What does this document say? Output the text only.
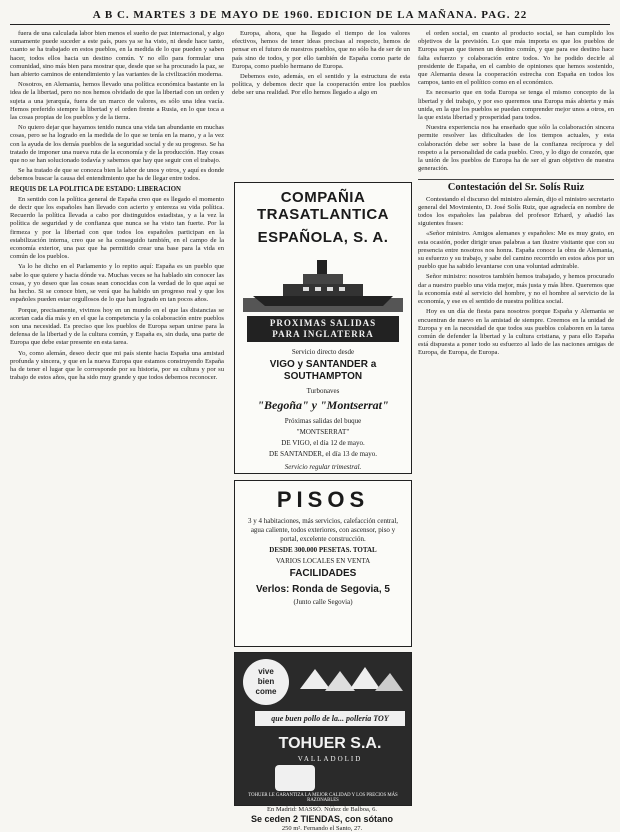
A B C. MARTES 3 DE MAYO DE 1960. EDICION DE LA MAÑANA. PAG. 22

fuera de una calculada labor bien menos el sueño de paz internacional, y algo sumamente puede suceder a este país, pues ya se ha visto, ni desde hace tanto, cuanto se ha trabajado en estos pueblos, en la medida de lo que pueden y saben hacer, todos ellos hacia un destino común. Y no ello para formular una comunidad, sino más bien para mostrar que, desde que se ha procurado la paz, se han abierto caminos de entendimiento y las variantes de la civilización moderna.

Nosotros, en Alemania, hemos llevado una política económica bastante en la idea de la libertad, pero no nos hemos olvidado de que la libertad con un orden y sujeta a una jerarquía, fuera de un marco de valores, es sólo una idea vacía. Hemos preferido siempre la libertad y el orden frente a Rusia, en lo que toca a las cosas propias de los pueblos y de la tierra.

No quiero dejar que hayamos tenido nunca una vida tan abundante en muchas cosas, pero se ha logrado en la medida de lo que se tenía en la mano, y a la vez con la ayuda de los demás pueblos de la seguridad social y de su progreso. Se ha tratado de imponer una nueva ruta de la economía y de la producción. Hay cosas que no se han solucionado todavía y sabemos que hay que seguir con el trabajo.

Se ha tratado de que se conozca bien la labor de unos y otros, y aquí es donde debemos buscar la causa del entendimiento que ha de llegar entre todos.

REQUIS DE LA POLITICA DE ESTADO: LIBERACION

En sentido con la política general de España creo que es llegado el momento de decir que los españoles han llevado con acierto y entereza su vida política. Recuerdo la política llevada a cabo por distinguidos estadistas, y a la vez la política de seguridad y de confianza que nunca se ha visto tan fuerte. Por la firmeza y por la libertad con que todos los españoles participan en la estabilización interna, creo que se ha conseguido también, en el campo de la economía exterior, una paz que ha permitido crear una base para la vida en común de los pueblos.

Ya lo he dicho en el Parlamento y lo repito aquí: España es un pueblo que sabe lo que quiere y hacia dónde va. Muchas veces se ha hablado sin conocer las cosas, y yo deseo que las cosas sean conocidas con la verdad de lo que aquí se ha hecho. Si se conoce bien, se verá que ha habido un progreso real y que los españoles pueden estar orgullosos de lo que han logrado en tan pocos años.

Porque, precisamente, vivimos hoy en un mundo en el que las distancias se acortan cada día más y en el que la competencia y la colaboración entre pueblos son una necesidad. Es preciso que los pueblos de Europa sepan unirse para la defensa de la libertad y de la cultura común, y España es, sin duda, una parte de Europa que debe estar presente en esta tarea.

Yo, como alemán, deseo decir que mi país siente hacia España una amistad profunda y sincera, y que en la nueva Europa que estamos construyendo España ha de tener el lugar que le corresponde por su historia, por su cultura y por su trabajo de estos años, que ha sido muy grande y que todos debemos reconocer.

Europa, ahora, que ha llegado el tiempo de los valores efectivos, hemos de tener ideas precisas al respecto, hemos de pensar en el futuro de nuestros pueblos, que no sólo ha de ser de un país sino de todos, y por ello también de España como parte de Europa, como pueblo hermano de Europa.

Debemos esto, además, en el sentido y la estructura de esta política, y debemos decir que la cooperación entre los pueblos debe ser una realidad. Por ello hemos llegado a algo en

COMPAÑIA TRASATLANTICA
ESPAÑOLA, S. A.
PROXIMAS SALIDAS
PARA INGLATERRA
Servicio directo desde
VIGO y SANTANDER a
SOUTHAMPTON
Turbonaves
"Begoña" y "Montserrat"
Próximas salidas del buque
"MONTSERRAT"
DE VIGO, el día 12 de mayo.
DE SANTANDER, el día 13 de mayo.
Servicio regular trimestral.
PISOS
3 y 4 habitaciones, más servicios, calefacción central, agua caliente, todos exteriores, con ascensor, piso y portal, excelente construcción.
DESDE 300.000 PESETAS. TOTAL
VARIOS LOCALES EN VENTA
FACILIDADES
Verlos: Ronda de Segovia, 5
(Junto calle Segovia)
vive
bien
come
que buen pollo de la... pollería TOY
TOHUER S.A.
VALLADOLID
TOHUER LE GARANTIZA LA MEJOR CALIDAD Y LOS PRECIOS MÁS RAZONABLES
En Madrid: MASSÓ. Núñez de Balboa, 6.
Se ceden 2 TIENDAS, con sótano
250 m². Fernando el Santo, 27.

el orden social, en cuanto al producto social, se han cumplido los objetivos de la previsión. Lo que más importa es que los pueblos de Europa sepan que tienen un destino común, y que para ese destino hace falta esfuerzo y colaboración entre todos. Yo he podido decirle al presidente de España, en el cambio de opiniones que hemos sostenido, que Alemania desea la cooperación estrecha con España en todos los campos, tanto en el político como en el económico.

Es necesario que en toda Europa se tenga el mismo concepto de la libertad y del trabajo, y por eso queremos una Europa más abierta y más unida, en la que los pueblos se puedan comprender mejor unos a otros, en la que exista libertad y prosperidad para todos.

Nuestra experiencia nos ha enseñado que sólo la colaboración sincera permite resolver las dificultades de los tiempos actuales, y esta colaboración debe ser sobre la base de la confianza recíproca y del respeto a la personalidad de cada pueblo. Creo, y lo digo de corazón, que la unión de los pueblos de Europa ha de ser el gran objetivo de nuestra generación.

Contestación del Sr. Solís Ruiz

Contestando el discurso del ministro alemán, dijo el ministro secretario general del Movimiento, D. José Solís Ruiz, que agradecía en nombre de todos los españoles las palabras del profesor Erhard, y añadió las siguientes frases:

«Señor ministro. Amigos alemanes y españoles: Me es muy grato, en esta ocasión, poder dirigir unas palabras a tan ilustre visitante que con su presencia entre nosotros nos honra. España conoce la obra de Alemania, su esfuerzo y su trabajo, y sabe del camino recorrido en estos años por un pueblo que ha sabido levantarse con una voluntad admirable.

Señor ministro: nosotros también hemos trabajado, y hemos procurado dar a nuestro pueblo una vida mejor, más justa y más libre. Queremos que la economía esté al servicio del hombre, y no el hombre al servicio de la economía, y ese es el sentido de nuestra política social.

Hoy es un día de fiesta para nosotros porque España y Alemania se encuentran de nuevo en la amistad de siempre. Creemos en la unidad de Europa y en la necesidad de que todos sus pueblos colaboren en la tarea común de defender la libertad y la cultura cristiana, y para ello España está dispuesta a poner todo su esfuerzo al lado de las naciones amigas de Europa, de Europa, de Europa.
